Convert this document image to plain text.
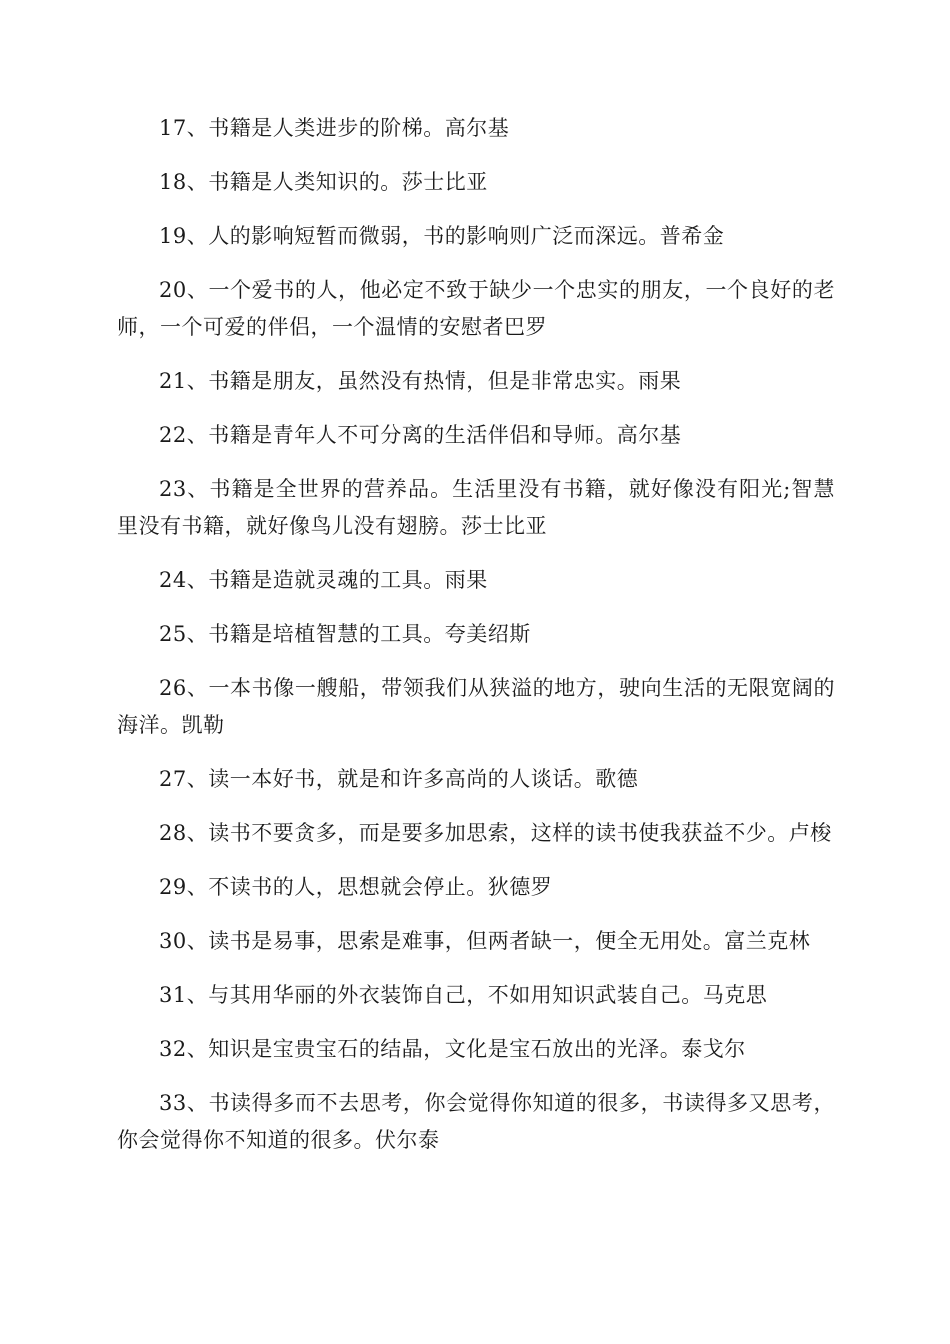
17、书籍是人类进步的阶梯。高尔基

18、书籍是人类知识的。莎士比亚

19、人的影响短暂而微弱，书的影响则广泛而深远。普希金

20、一个爱书的人，他必定不致于缺少一个忠实的朋友，一个良好的老师，一个可爱的伴侣，一个温情的安慰者巴罗

21、书籍是朋友，虽然没有热情，但是非常忠实。雨果

22、书籍是青年人不可分离的生活伴侣和导师。高尔基

23、书籍是全世界的营养品。生活里没有书籍，就好像没有阳光;智慧里没有书籍，就好像鸟儿没有翅膀。莎士比亚

24、书籍是造就灵魂的工具。雨果

25、书籍是培植智慧的工具。夸美绍斯

26、一本书像一艘船，带领我们从狭溢的地方，驶向生活的无限宽阔的海洋。凯勒

27、读一本好书，就是和许多高尚的人谈话。歌德

28、读书不要贪多，而是要多加思索，这样的读书使我获益不少。卢梭

29、不读书的人，思想就会停止。狄德罗

30、读书是易事，思索是难事，但两者缺一，便全无用处。富兰克林

31、与其用华丽的外衣装饰自己，不如用知识武装自己。马克思

32、知识是宝贵宝石的结晶，文化是宝石放出的光泽。泰戈尔

33、书读得多而不去思考，你会觉得你知道的很多，书读得多又思考，你会觉得你不知道的很多。伏尔泰
